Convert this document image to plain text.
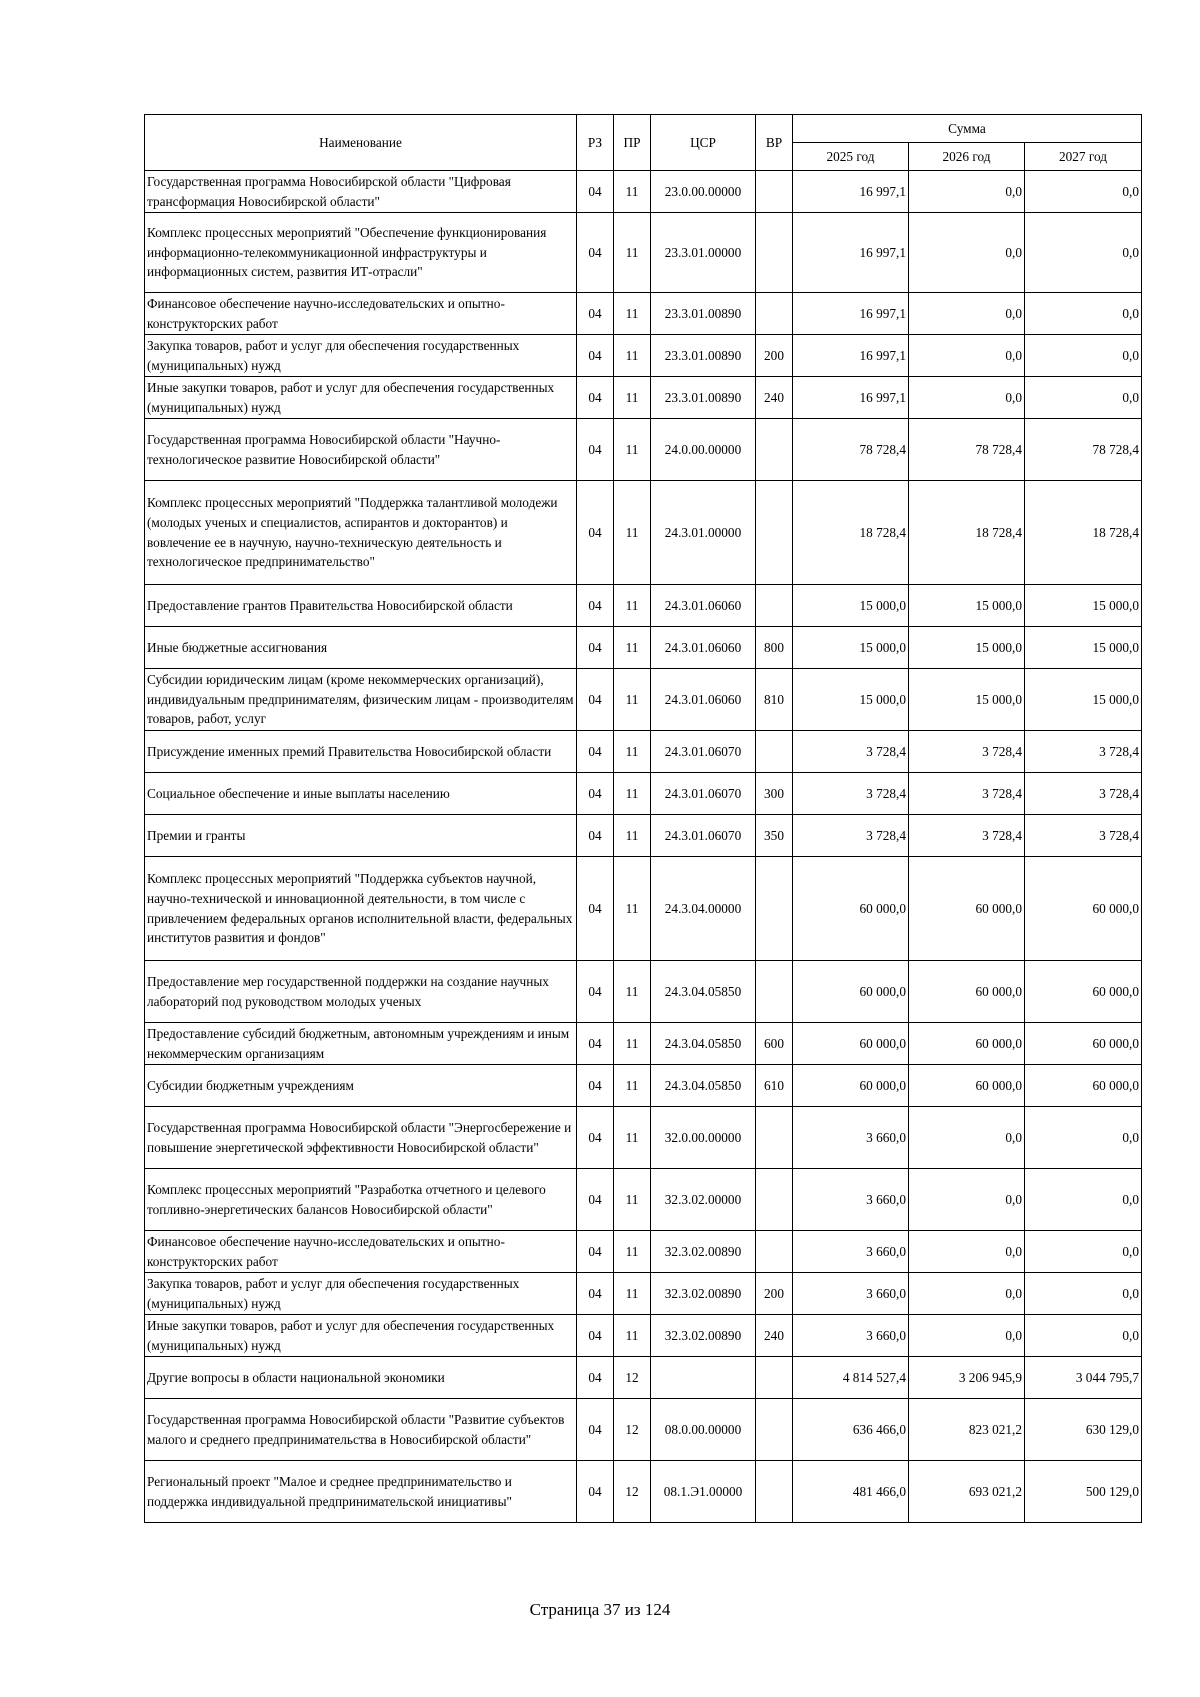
Наименование	РЗ	ПР	ЦСР	ВР	Сумма		
					2025 год	2026 год	2027 год
Государственная программа Новосибирской области "Цифровая трансформация Новосибирской области"	04	11	23.0.00.00000		16 997,1	0,0	0,0
Комплекс процессных мероприятий "Обеспечение функционирования информационно-телекоммуникационной инфраструктуры и информационных систем, развития ИТ-отрасли"	04	11	23.3.01.00000		16 997,1	0,0	0,0
Финансовое обеспечение научно-исследовательских и опытно-конструкторских работ	04	11	23.3.01.00890		16 997,1	0,0	0,0
Закупка товаров, работ и услуг для обеспечения государственных (муниципальных) нужд	04	11	23.3.01.00890	200	16 997,1	0,0	0,0
Иные закупки товаров, работ и услуг для обеспечения государственных (муниципальных) нужд	04	11	23.3.01.00890	240	16 997,1	0,0	0,0
Государственная программа Новосибирской области "Научно-технологическое развитие Новосибирской области"	04	11	24.0.00.00000		78 728,4	78 728,4	78 728,4
Комплекс процессных мероприятий "Поддержка талантливой молодежи (молодых ученых и специалистов, аспирантов и докторантов) и вовлечение ее в научную, научно-техническую деятельность и технологическое предпринимательство"	04	11	24.3.01.00000		18 728,4	18 728,4	18 728,4
Предоставление грантов Правительства Новосибирской области	04	11	24.3.01.06060		15 000,0	15 000,0	15 000,0
Иные бюджетные ассигнования	04	11	24.3.01.06060	800	15 000,0	15 000,0	15 000,0
Субсидии юридическим лицам (кроме некоммерческих организаций), индивидуальным предпринимателям, физическим лицам - производителям товаров, работ, услуг	04	11	24.3.01.06060	810	15 000,0	15 000,0	15 000,0
Присуждение именных премий Правительства Новосибирской области	04	11	24.3.01.06070		3 728,4	3 728,4	3 728,4
Социальное обеспечение и иные выплаты населению	04	11	24.3.01.06070	300	3 728,4	3 728,4	3 728,4
Премии и гранты	04	11	24.3.01.06070	350	3 728,4	3 728,4	3 728,4
Комплекс процессных мероприятий "Поддержка субъектов научной, научно-технической и инновационной деятельности, в том числе с привлечением федеральных органов исполнительной власти, федеральных институтов развития и фондов"	04	11	24.3.04.00000		60 000,0	60 000,0	60 000,0
Предоставление мер государственной поддержки на создание научных лабораторий под руководством молодых ученых	04	11	24.3.04.05850		60 000,0	60 000,0	60 000,0
Предоставление субсидий бюджетным, автономным учреждениям и иным некоммерческим организациям	04	11	24.3.04.05850	600	60 000,0	60 000,0	60 000,0
Субсидии бюджетным учреждениям	04	11	24.3.04.05850	610	60 000,0	60 000,0	60 000,0
Государственная программа Новосибирской области "Энергосбережение и повышение энергетической эффективности Новосибирской области"	04	11	32.0.00.00000		3 660,0	0,0	0,0
Комплекс процессных мероприятий "Разработка отчетного и целевого топливно-энергетических балансов Новосибирской области"	04	11	32.3.02.00000		3 660,0	0,0	0,0
Финансовое обеспечение научно-исследовательских и опытно-конструкторских работ	04	11	32.3.02.00890		3 660,0	0,0	0,0
Закупка товаров, работ и услуг для обеспечения государственных (муниципальных) нужд	04	11	32.3.02.00890	200	3 660,0	0,0	0,0
Иные закупки товаров, работ и услуг для обеспечения государственных (муниципальных) нужд	04	11	32.3.02.00890	240	3 660,0	0,0	0,0
Другие вопросы в области национальной экономики	04	12			4 814 527,4	3 206 945,9	3 044 795,7
Государственная программа Новосибирской области "Развитие субъектов малого и среднего предпринимательства в Новосибирской области"	04	12	08.0.00.00000		636 466,0	823 021,2	630 129,0
Региональный проект "Малое и среднее предпринимательство и поддержка индивидуальной предпринимательской инициативы"	04	12	08.1.Э1.00000		481 466,0	693 021,2	500 129,0
Страница 37 из 124
